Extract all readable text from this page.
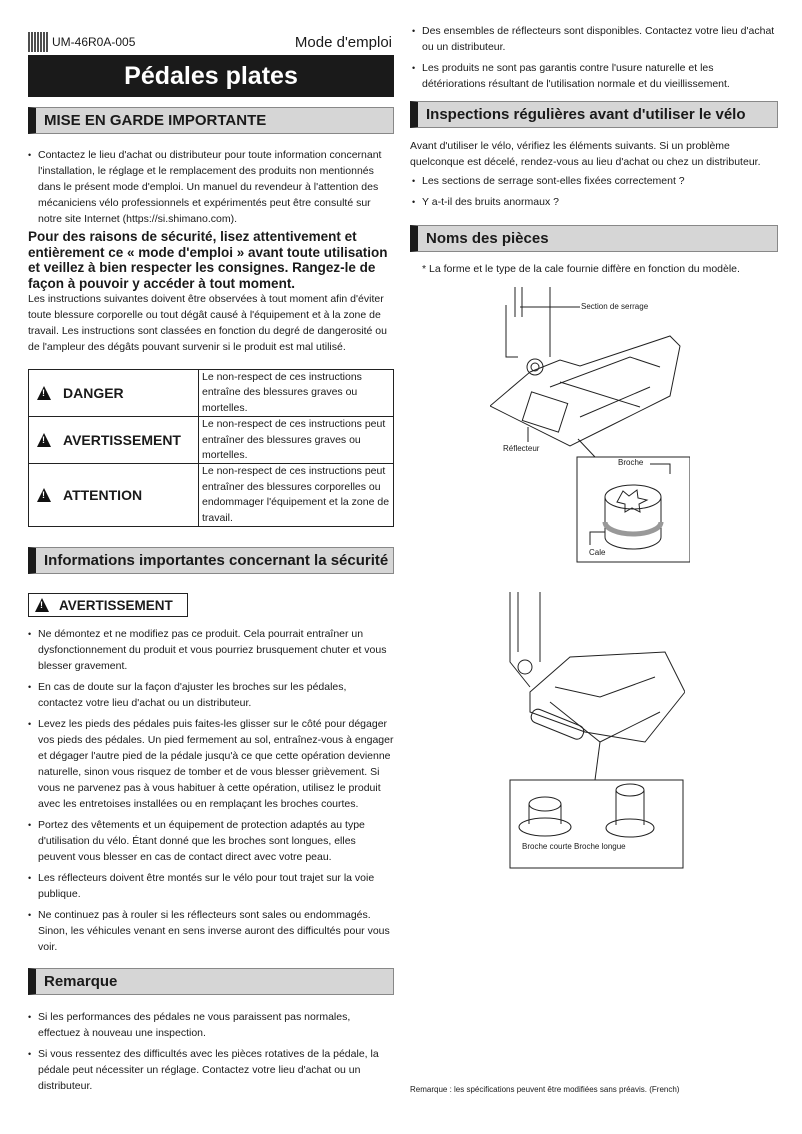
UM-46R0A-005	Mode d'emploi
Pédales plates
MISE EN GARDE IMPORTANTE
• Contactez le lieu d'achat ou distributeur pour toute information concernant l'installation, le réglage et le remplacement des produits non mentionnés dans le présent mode d'emploi. Un manuel du revendeur à l'attention des mécaniciens vélo professionnels et expérimentés peut être consulté sur notre site Internet (https://si.shimano.com).
Pour des raisons de sécurité, lisez attentivement et entièrement ce « mode d'emploi » avant toute utilisation et veillez à bien respecter les consignes. Rangez-le de façon à pouvoir y accéder à tout moment.
Les instructions suivantes doivent être observées à tout moment afin d'éviter toute blessure corporelle ou tout dégât causé à l'équipement et à la zone de travail. Les instructions sont classées en fonction du degré de dangerosité ou de l'ampleur des dégâts pouvant survenir si le produit est mal utilisé.
!DANGER	Le non-respect de ces instructions entraîne des blessures graves ou mortelles.
!AVERTISSEMENT	Le non-respect de ces instructions peut entraîner des blessures graves ou mortelles.
!ATTENTION	Le non-respect de ces instructions peut entraîner des blessures corporelles ou endommager l'équipement et la zone de travail.
Informations importantes concernant la sécurité
!
AVERTISSEMENT
• Ne démontez et ne modifiez pas ce produit. Cela pourrait entraîner un dysfonctionnement du produit et vous pourriez brusquement chuter et vous blesser gravement.
• En cas de doute sur la façon d'ajuster les broches sur les pédales, contactez votre lieu d'achat ou un distributeur.
• Levez les pieds des pédales puis faites-les glisser sur le côté pour dégager vos pieds des pédales. Un pied fermement au sol, entraînez-vous à engager et dégager l'autre pied de la pédale jusqu'à ce que cette opération devienne naturelle, sinon vous risquez de tomber et de vous blesser grièvement. Si vous ne parvenez pas à vous habituer à cette opération, utilisez le produit avec les entretoises installées ou en remplaçant les broches courtes.
• Portez des vêtements et un équipement de protection adaptés au type d'utilisation du vélo. Étant donné que les broches sont longues, elles peuvent vous blesser en cas de contact direct avec votre peau.
• Les réflecteurs doivent être montés sur le vélo pour tout trajet sur la voie publique.
• Ne continuez pas à rouler si les réflecteurs sont sales ou endommagés. Sinon, les véhicules venant en sens inverse auront des difficultés pour vous voir.
Remarque
• Si les performances des pédales ne vous paraissent pas normales, effectuez à nouveau une inspection.
• Si vous ressentez des difficultés avec les pièces rotatives de la pédale, la pédale peut nécessiter un réglage. Contactez votre lieu d'achat ou un distributeur.
• Des ensembles de réflecteurs sont disponibles. Contactez votre lieu d'achat ou un distributeur.
• Les produits ne sont pas garantis contre l'usure naturelle et les détériorations résultant de l'utilisation normale et du vieillissement.
Inspections régulières avant d'utiliser le vélo
Avant d'utiliser le vélo, vérifiez les éléments suivants. Si un problème quelconque est décelé, rendez-vous au lieu d'achat ou chez un distributeur.
• Les sections de serrage sont-elles fixées correctement ?
• Y a-t-il des bruits anormaux ?
Noms des pièces
* La forme et le type de la cale fournie diffère en fonction du modèle.
Section de serrage
Réflecteur
Broche
Cale
Broche courte Broche longue
Remarque : les spécifications peuvent être modifiées sans préavis. (French)
